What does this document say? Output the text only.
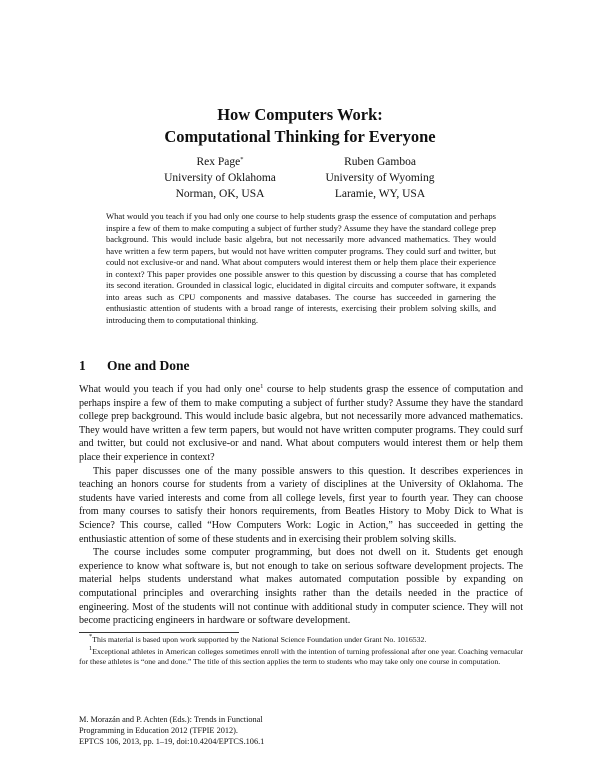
How Computers Work:
Computational Thinking for Everyone
Rex Page*
University of Oklahoma
Norman, OK, USA
Ruben Gamboa
University of Wyoming
Laramie, WY, USA
What would you teach if you had only one course to help students grasp the essence of computation and perhaps inspire a few of them to make computing a subject of further study? Assume they have the standard college prep background. This would include basic algebra, but not necessarily more advanced mathematics. They would have written a few term papers, but would not have written computer programs. They could surf and twitter, but could not exclusive-or and nand. What about computers would interest them or help them place their experience in context? This paper provides one possible answer to this question by discussing a course that has completed its second iteration. Grounded in classical logic, elucidated in digital circuits and computer software, it expands into areas such as CPU components and massive databases. The course has succeeded in garnering the enthusiastic attention of students with a broad range of interests, exercising their problem solving skills, and introducing them to computational thinking.
1 One and Done

What would you teach if you had only one$^1$ course to help students grasp the essence of computation and perhaps inspire a few of them to make computing a subject of further study? Assume they have the standard college prep background. This would include basic algebra, but not necessarily more advanced mathematics. They would have written a few term papers, but would not have written computer programs. They could surf and twitter, but could not exclusive-or and nand. What about computers would interest them or help them place their experience in context?

This paper discusses one of the many possible answers to this question. It describes experiences in teaching an honors course for students from a variety of disciplines at the University of Oklahoma. The students have varied interests and come from all college levels, first year to fourth year. They can choose from many courses to satisfy their honors requirements, from Beatles History to Moby Dick to What is Science? This course, called “How Computers Work: Logic in Action,” has succeeded in getting the enthusiastic attention of some of these students and in exercising their problem solving skills.

The course includes some computer programming, but does not dwell on it. Students get enough experience to know what software is, but not enough to take on serious software development projects. The material helps students understand what makes automated computation possible by expanding on computational principles and overarching insights rather than the details needed in the practice of engineering. Most of the students will not continue with additional study in computer science. They will not become practicing engineers in hardware or software development.

*This material is based upon work supported by the National Science Foundation under Grant No. 1016532.

$^1$Exceptional athletes in American colleges sometimes enroll with the intention of turning professional after one year. Coaching vernacular for these athletes is “one and done.” The title of this section applies the term to students who may take only one course in computation.

M. Morazán and P. Achten (Eds.): Trends in Functional
Programming in Education 2012 (TFPIE 2012).
EPTCS 106, 2013, pp. 1–19, doi:10.4204/EPTCS.106.1
